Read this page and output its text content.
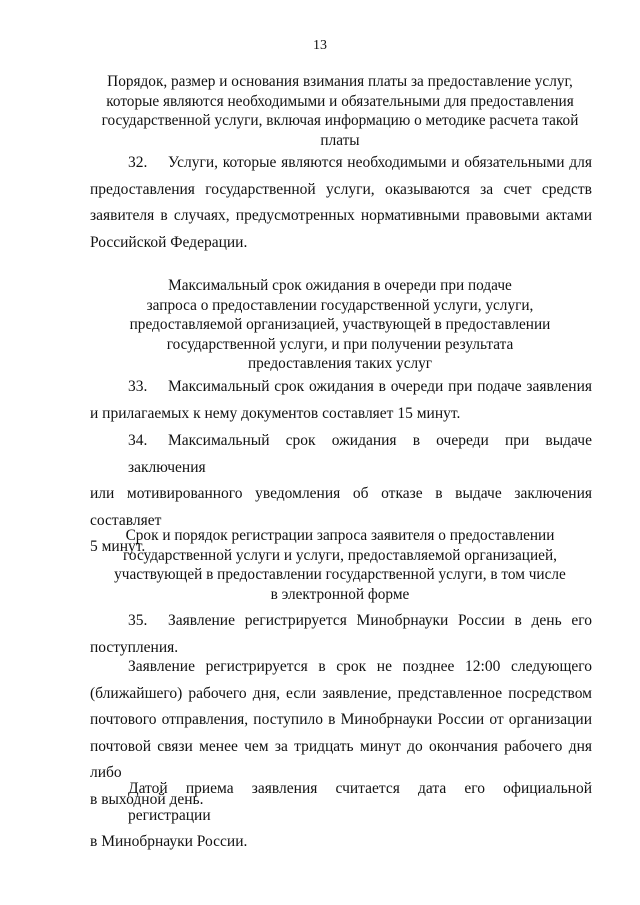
13
Порядок, размер и основания взимания платы за предоставление услуг,
которые являются необходимыми и обязательными для предоставления
государственной услуги, включая информацию о методике расчета такой
платы
32. Услуги, которые являются необходимыми и обязательными для
предоставления государственной услуги, оказываются за счет средств
заявителя в случаях, предусмотренных нормативными правовыми актами
Российской Федерации.
Максимальный срок ожидания в очереди при подаче
запроса о предоставлении государственной услуги, услуги,
предоставляемой организацией, участвующей в предоставлении
государственной услуги, и при получении результата
предоставления таких услуг
33. Максимальный срок ожидания в очереди при подаче заявления
и прилагаемых к нему документов составляет 15 минут.
34. Максимальный срок ожидания в очереди при выдаче заключения
или мотивированного уведомления об отказе в выдаче заключения составляет
5 минут.
Срок и порядок регистрации запроса заявителя о предоставлении
государственной услуги и услуги, предоставляемой организацией,
участвующей в предоставлении государственной услуги, в том числе
в электронной форме
35. Заявление регистрируется Минобрнауки России в день его
поступления.
Заявление регистрируется в срок не позднее 12:00 следующего
(ближайшего) рабочего дня, если заявление, представленное посредством
почтового отправления, поступило в Минобрнауки России от организации
почтовой связи менее чем за тридцать минут до окончания рабочего дня либо
в выходной день.
Датой приема заявления считается дата его официальной регистрации
в Минобрнауки России.
